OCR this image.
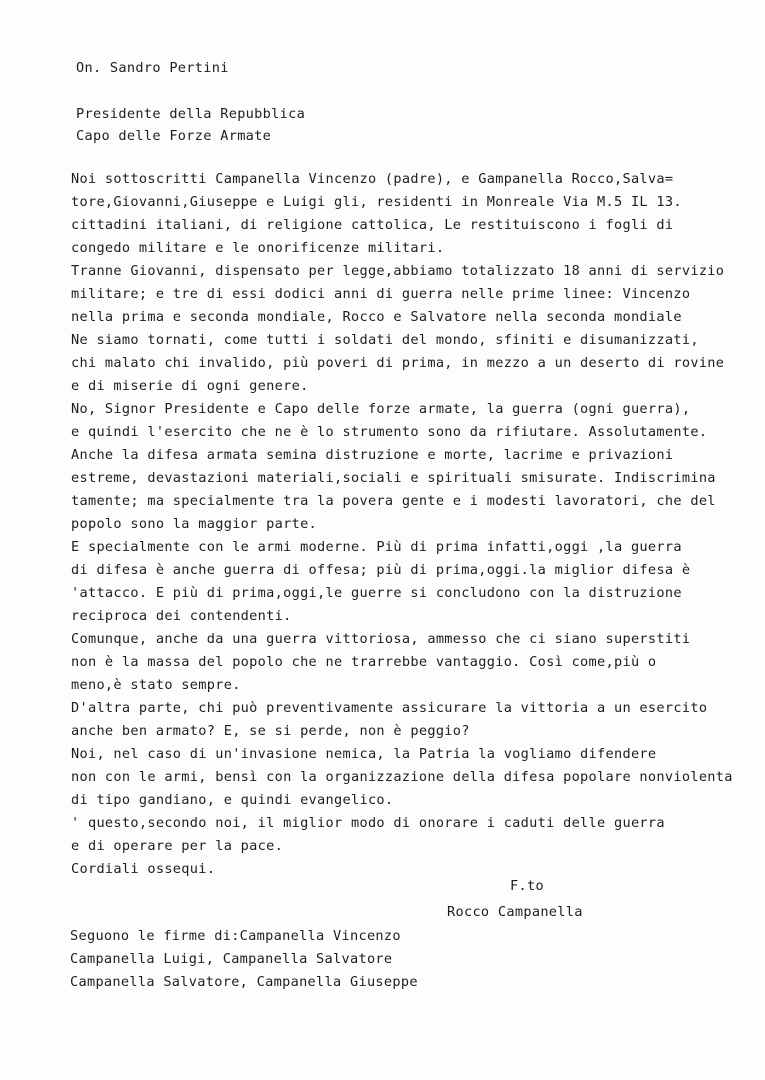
On. Sandro Pertini
Presidente della Repubblica
Capo delle Forze Armate
Noi sottoscritti Campanella Vincenzo (padre), e Gampanella Rocco,Salva=
tore,Giovanni,Giuseppe e Luigi gli, residenti in Monreale Via M.5 IL 13.
cittadini italiani, di religione cattolica, Le restituiscono i fogli di
congedo militare e le onorificenze militari.
Tranne Giovanni, dispensato per legge,abbiamo totalizzato 18 anni di servizio
militare; e tre di essi dodici anni di guerra nelle prime linee: Vincenzo
nella prima e seconda mondiale, Rocco e Salvatore nella seconda mondiale
Ne siamo tornati, come tutti i soldati del mondo, sfiniti e disumanizzati,
chi malato chi invalido, più poveri di prima, in mezzo a un deserto di rovine
e di miserie di ogni genere.
No, Signor Presidente e Capo delle forze armate, la guerra (ogni guerra),
e quindi l'esercito che ne è lo strumento sono da rifiutare. Assolutamente.
Anche la difesa armata semina distruzione e morte, lacrime e privazioni
estreme, devastazioni materiali,sociali e spirituali smisurate. Indiscrimina
tamente; ma specialmente tra la povera gente e i modesti lavoratori, che del
popolo sono la maggior parte.
E specialmente con le armi moderne. Più di prima infatti,oggi ,la guerra
di difesa è anche guerra di offesa; più di prima,oggi.la miglior difesa è
'attacco. E più di prima,oggi,le guerre si concludono con la distruzione
reciproca dei contendenti.
Comunque, anche da una guerra vittoriosa, ammesso che ci siano superstiti
non è la massa del popolo che ne trarrebbe vantaggio. Così come,più o
meno,è stato sempre.
D'altra parte, chi può preventivamente assicurare la vittoria a un esercito
anche ben armato? E, se si perde, non è peggio?
Noi, nel caso di un'invasione nemica, la Patria la vogliamo difendere
non con le armi, bensì con la organizzazione della difesa popolare nonviolenta
di tipo gandiano, e quindi evangelico.
' questo,secondo noi, il miglior modo di onorare i caduti delle guerra
e di operare per la pace.
Cordiali ossequi.
F.to
Rocco Campanella
Seguono le firme di:Campanella Vincenzo
Campanella Luigi, Campanella Salvatore
Campanella Salvatore, Campanella Giuseppe
